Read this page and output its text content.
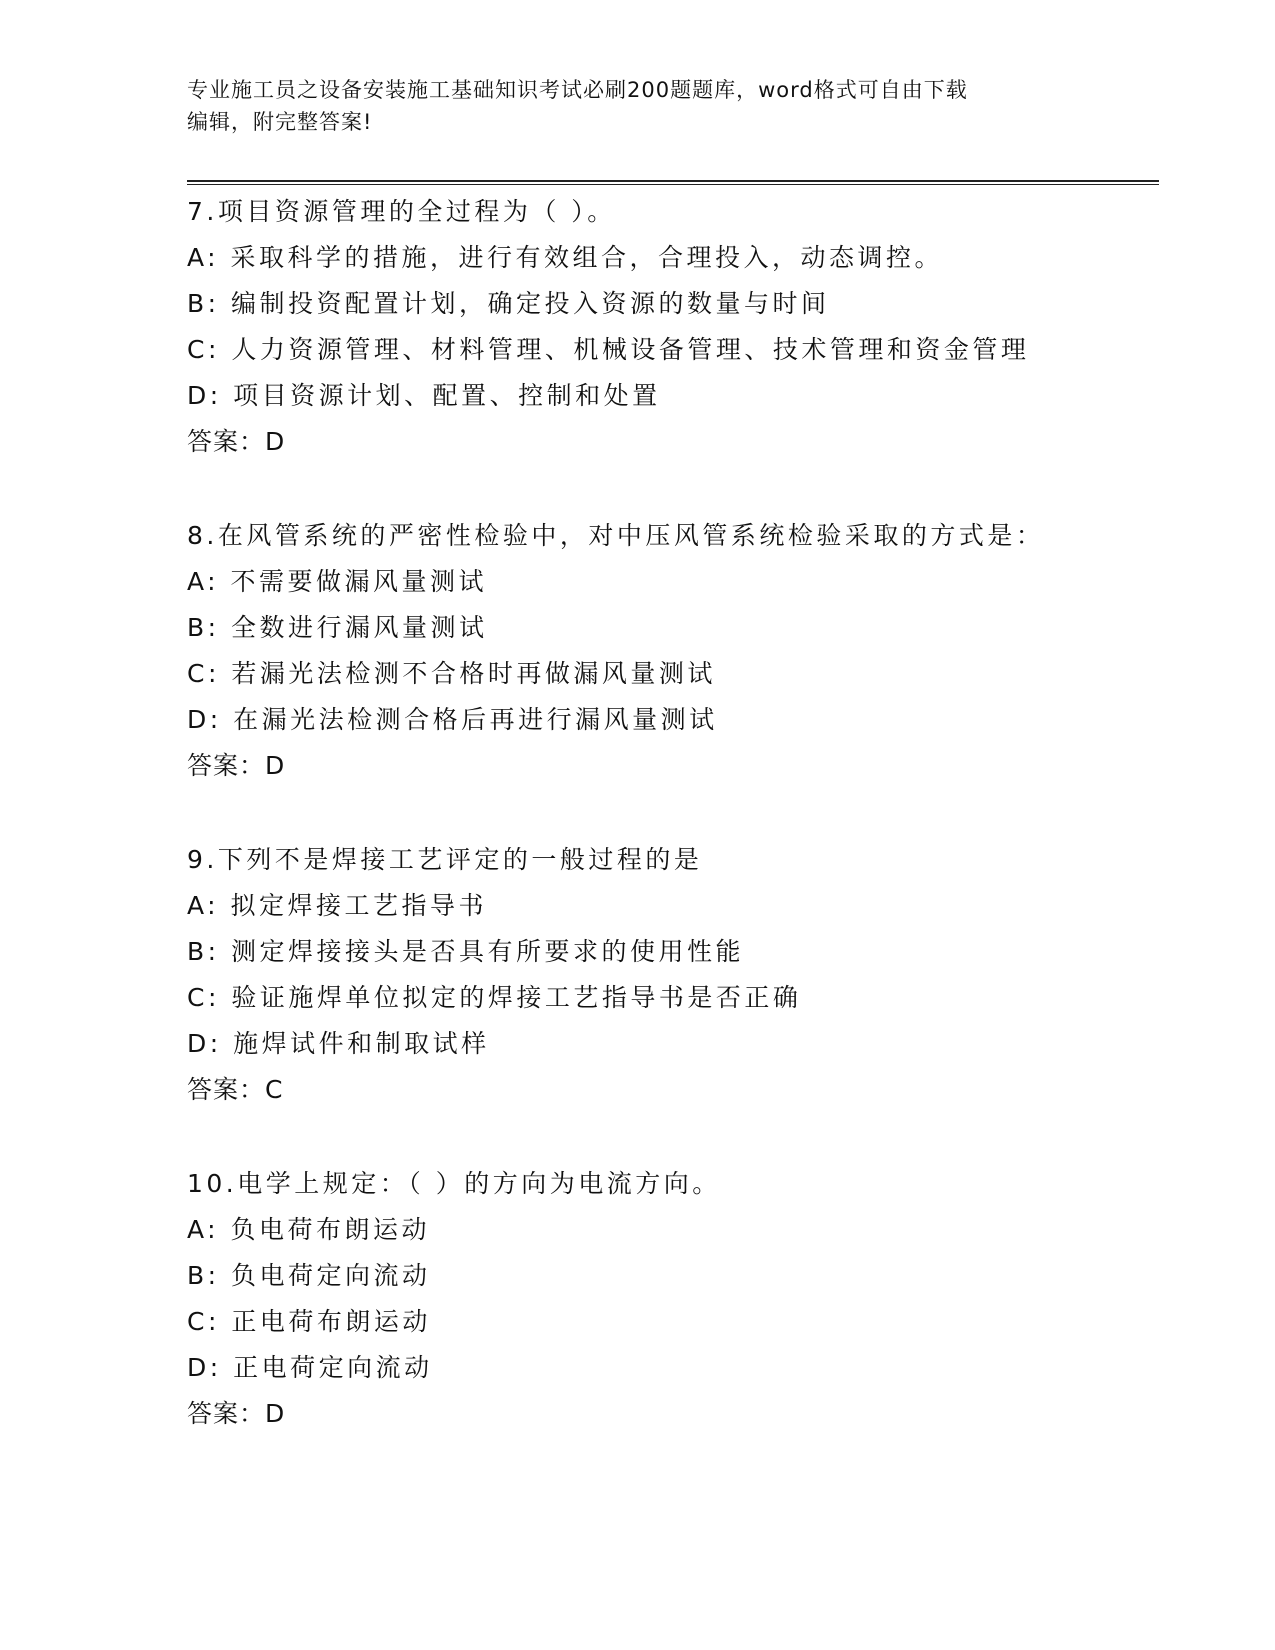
专业施工员之设备安装施工基础知识考试必刷200题题库，word格式可自由下载
编辑，附完整答案!
7.项目资源管理的全过程为（ ）。
A: 采取科学的措施，进行有效组合，合理投入，动态调控。
B: 编制投资配置计划，确定投入资源的数量与时间
C: 人力资源管理、材料管理、机械设备管理、技术管理和资金管理
D: 项目资源计划、配置、控制和处置
答案：D
8.在风管系统的严密性检验中，对中压风管系统检验采取的方式是：
A: 不需要做漏风量测试
B: 全数进行漏风量测试
C: 若漏光法检测不合格时再做漏风量测试
D: 在漏光法检测合格后再进行漏风量测试
答案：D
9.下列不是焊接工艺评定的一般过程的是
A: 拟定焊接工艺指导书
B: 测定焊接接头是否具有所要求的使用性能
C: 验证施焊单位拟定的焊接工艺指导书是否正确
D: 施焊试件和制取试样
答案：C
10.电学上规定：（ ）的方向为电流方向。
A: 负电荷布朗运动
B: 负电荷定向流动
C: 正电荷布朗运动
D: 正电荷定向流动
答案：D
